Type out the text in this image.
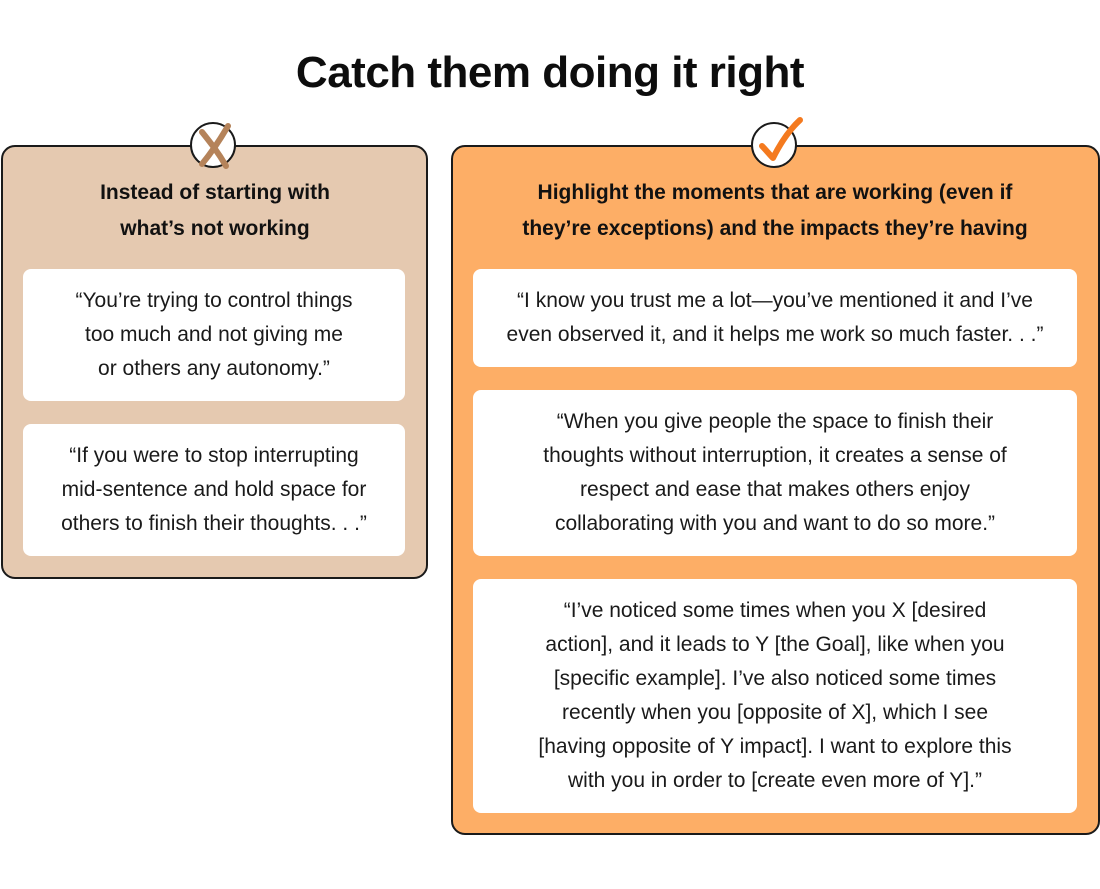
Catch them doing it right

Instead of starting with
what’s not working

Highlight the moments that are working (even if
they’re exceptions) and the impacts they’re having

“You’re trying to control things
too much and not giving me
or others any autonomy.”
“If you were to stop interrupting
mid-sentence and hold space for
others to finish their thoughts. . .”
“I know you trust me a lot—you’ve mentioned it and I’ve
even observed it, and it helps me work so much faster. . .”
“When you give people the space to finish their
thoughts without interruption, it creates a sense of
respect and ease that makes others enjoy
collaborating with you and want to do so more.”
“I’ve noticed some times when you X [desired
action], and it leads to Y [the Goal], like when you
[specific example]. I’ve also noticed some times
recently when you [opposite of X], which I see
[having opposite of Y impact]. I want to explore this
with you in order to [create even more of Y].”
